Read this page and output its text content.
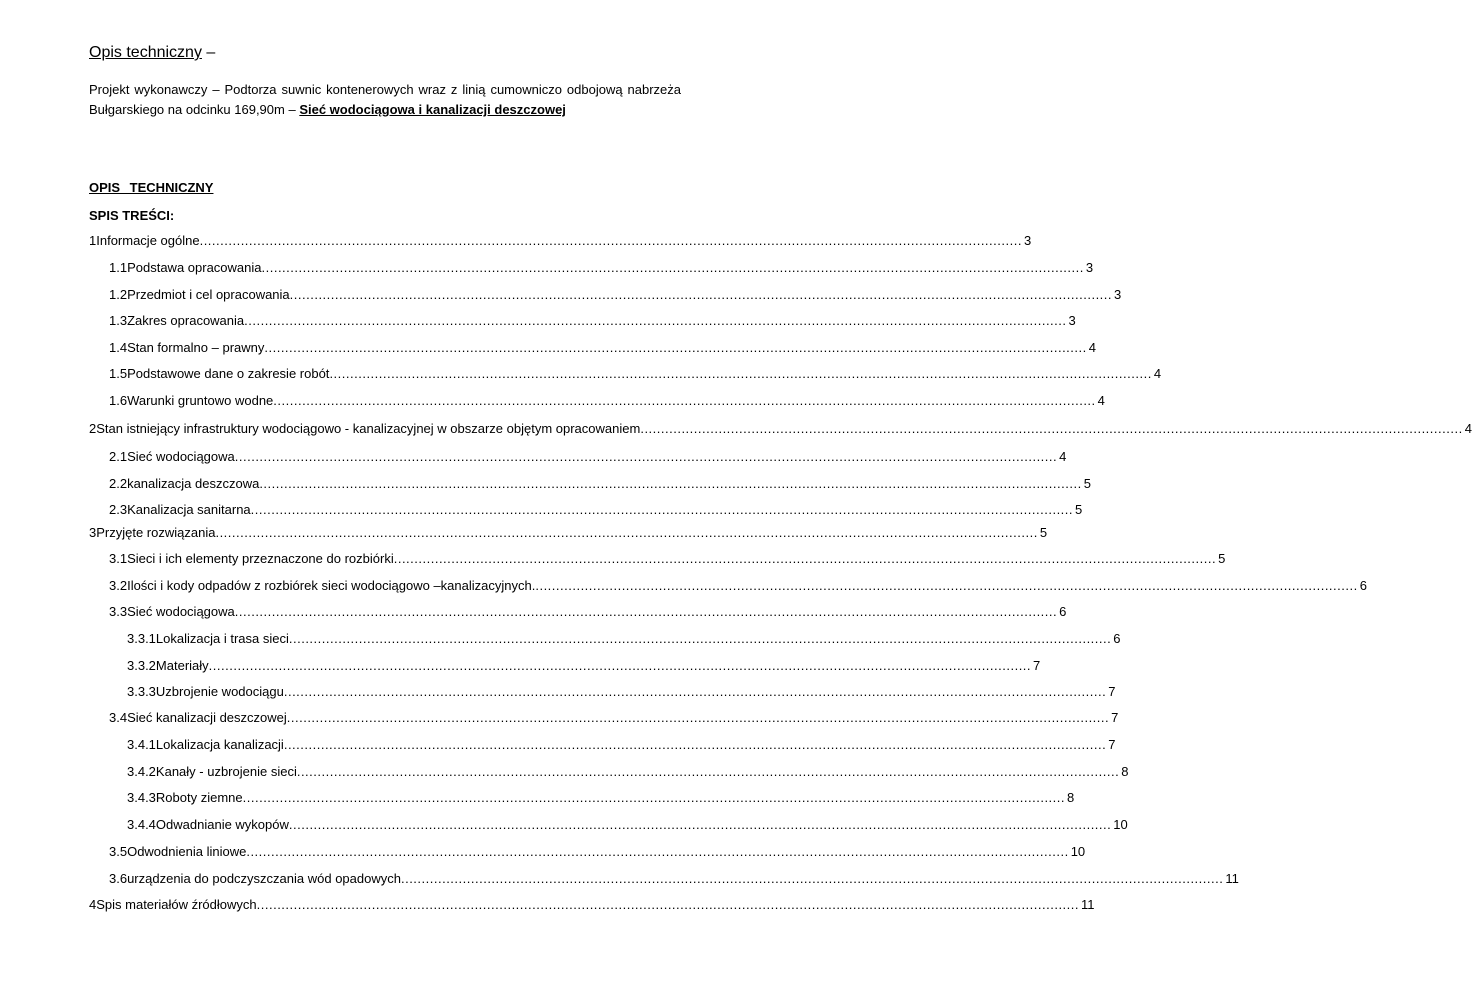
Opis techniczny –
Projekt wykonawczy – Podtorza suwnic kontenerowych wraz z linią cumowniczo odbojową nabrzeża Bułgarskiego na odcinku 169,90m – Sieć wodociągowa i kanalizacji deszczowej
OPIS TECHNICZNY
SPIS TREŚCI:
1 Informacje ogólne ........................................................................................................................................................................................................ 3
1.1 Podstawa opracowania ........................................................................................................................................................................................................ 3
1.2 Przedmiot i cel opracowania ........................................................................................................................................................................................................ 3
1.3 Zakres opracowania ........................................................................................................................................................................................................ 3
1.4 Stan formalno – prawny ........................................................................................................................................................................................................ 4
1.5 Podstawowe dane o zakresie robót ........................................................................................................................................................................................................ 4
1.6 Warunki gruntowo wodne ........................................................................................................................................................................................................ 4
2 Stan istniejący infrastruktury wodociągowo - kanalizacyjnej w obszarze objętym opracowaniem ........................................................................................................................................................................................................ 4
2.1 Sieć wodociągowa ........................................................................................................................................................................................................ 4
2.2 kanalizacja deszczowa ........................................................................................................................................................................................................ 5
2.3 Kanalizacja sanitarna ........................................................................................................................................................................................................ 5
3 Przyjęte rozwiązania ........................................................................................................................................................................................................ 5
3.1 Sieci i ich elementy przeznaczone do rozbiórki ........................................................................................................................................................................................................ 5
3.2 Ilości i kody odpadów z rozbiórek sieci wodociągowo –kanalizacyjnych. ........................................................................................................................................................................................................ 6
3.3 Sieć wodociągowa ........................................................................................................................................................................................................ 6
3.3.1 Lokalizacja i trasa sieci ........................................................................................................................................................................................................ 6
3.3.2 Materiały ........................................................................................................................................................................................................ 7
3.3.3 Uzbrojenie wodociągu ........................................................................................................................................................................................................ 7
3.4 Sieć kanalizacji deszczowej ........................................................................................................................................................................................................ 7
3.4.1 Lokalizacja kanalizacji ........................................................................................................................................................................................................ 7
3.4.2 Kanały - uzbrojenie sieci ........................................................................................................................................................................................................ 8
3.4.3 Roboty ziemne ........................................................................................................................................................................................................ 8
3.4.4 Odwadnianie wykopów ........................................................................................................................................................................................................ 10
3.5 Odwodnienia liniowe ........................................................................................................................................................................................................ 10
3.6 urządzenia do podczyszczania wód opadowych ........................................................................................................................................................................................................ 11
4 Spis materiałów źródłowych ........................................................................................................................................................................................................ 11
